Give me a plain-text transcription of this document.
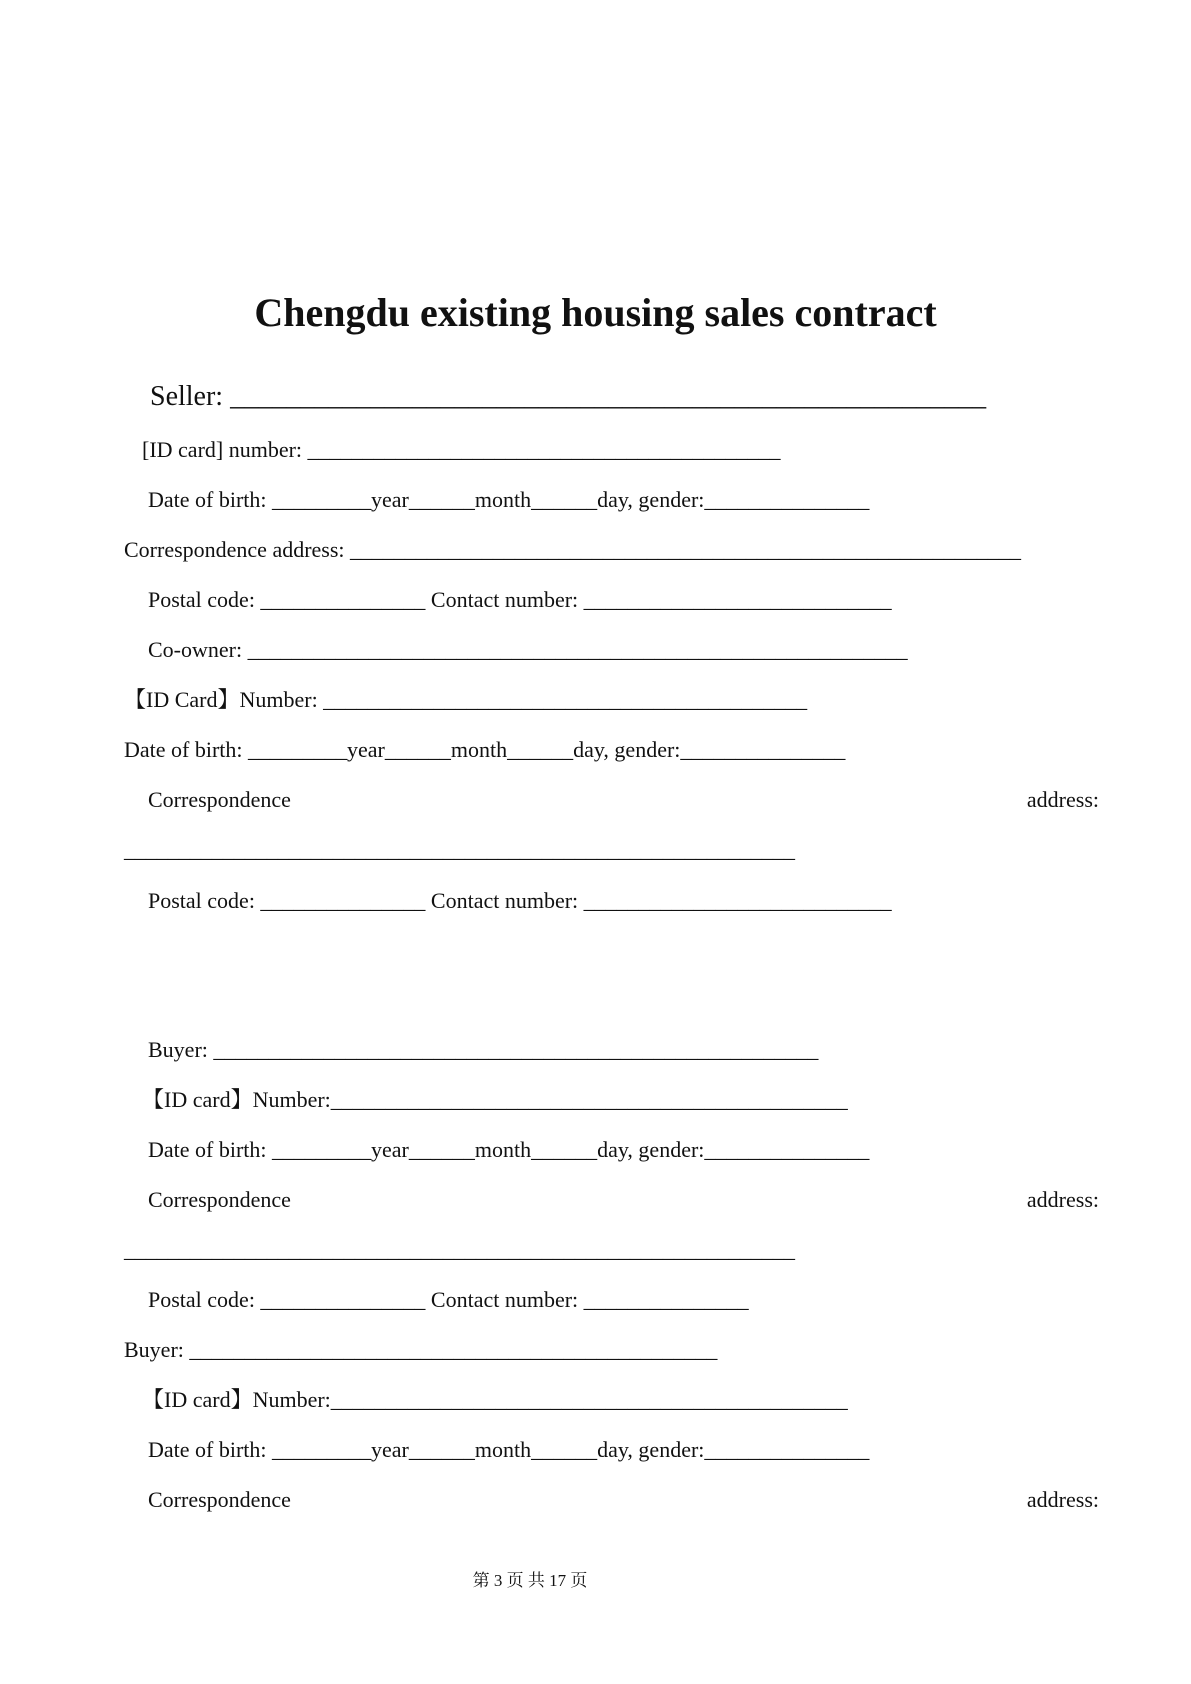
Chengdu existing housing sales contract
Seller: ______________________________________________________
[ID card] number: ___________________________________________
Date of birth: _________year______month______day, gender:_______________
Correspondence address: _____________________________________________________________
Postal code: _______________ Contact number: ____________________________
Co-owner: ____________________________________________________________
【ID Card】Number: ____________________________________________
Date of birth: _________year______month______day, gender:_______________
Correspondence	address:
_____________________________________________________________
Postal code: _______________ Contact number: ____________________________
Buyer: _______________________________________________________
【ID card】Number:_______________________________________________
Date of birth: _________year______month______day, gender:_______________
Correspondence	address:
_____________________________________________________________
Postal code: _______________ Contact number: _______________
Buyer: ________________________________________________
【ID card】Number:_______________________________________________
Date of birth: _________year______month______day, gender:_______________
Correspondence	address:
第 3 页 共 17 页
